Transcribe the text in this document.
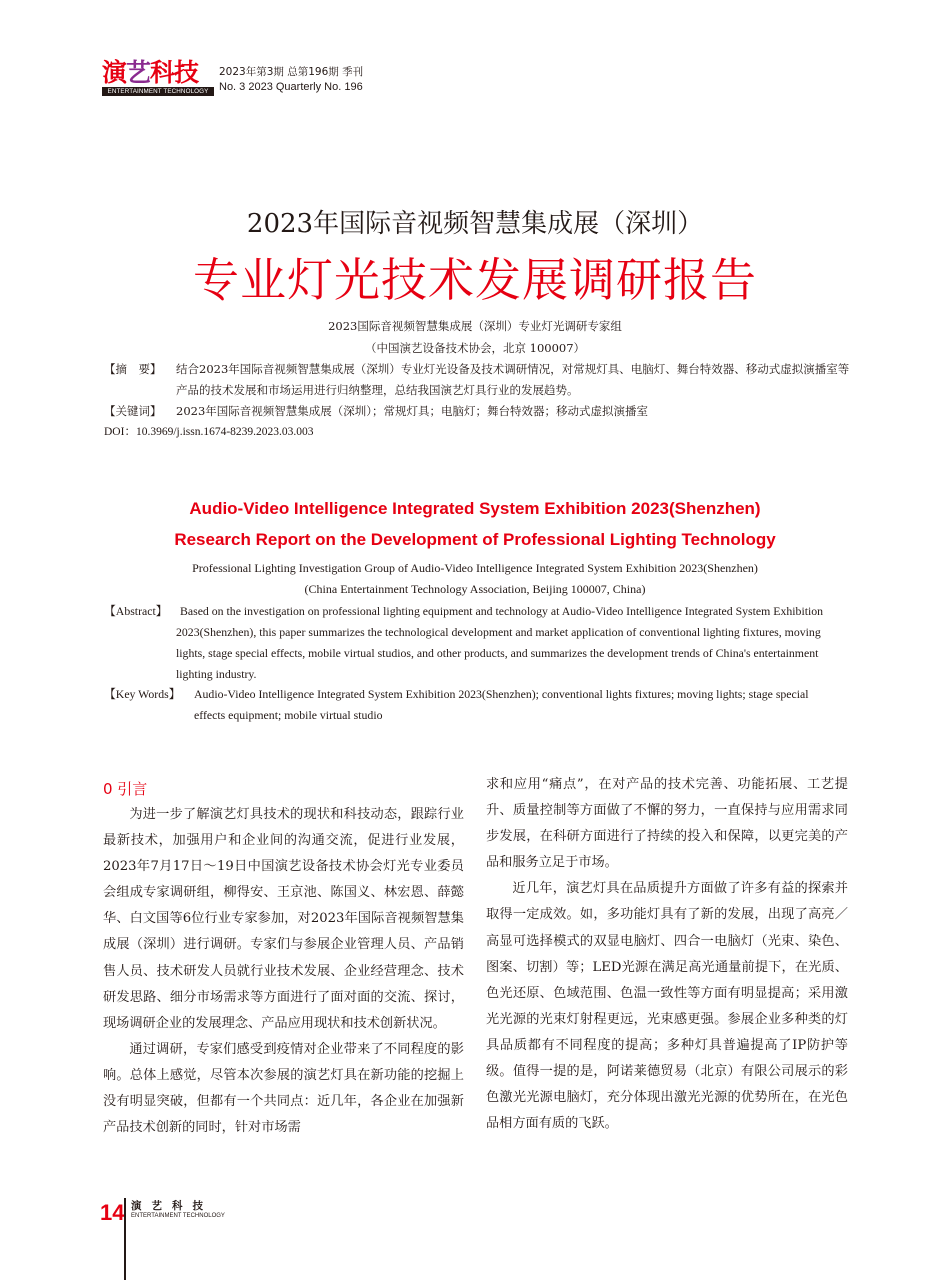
演艺科技
ENTERTAINMENT TECHNOLOGY
2023年第3期 总第196期 季刊
No. 3 2023 Quarterly No. 196
2023年国际音视频智慧集成展（深圳）
专业灯光技术发展调研报告
2023国际音视频智慧集成展（深圳）专业灯光调研专家组
（中国演艺设备技术协会，北京 100007）
【摘　要】 结合2023年国际音视频智慧集成展（深圳）专业灯光设备及技术调研情况，对常规灯具、电脑灯、舞台特效器、移动式虚拟演播室等产品的技术发展和市场运用进行归纳整理，总结我国演艺灯具行业的发展趋势。
【关键词】 2023年国际音视频智慧集成展（深圳）；常规灯具；电脑灯；舞台特效器；移动式虚拟演播室
DOI：10.3969/j.issn.1674-8239.2023.03.003
Audio-Video Intelligence Integrated System Exhibition 2023(Shenzhen)
Research Report on the Development of Professional Lighting Technology
Professional Lighting Investigation Group of Audio-Video Intelligence Integrated System Exhibition 2023(Shenzhen)
(China Entertainment Technology Association, Beijing 100007, China)
【Abstract】	Based on the investigation on professional lighting equipment and technology at Audio-Video Intelligence Integrated System Exhibition 2023(Shenzhen), this paper summarizes the technological development and market application of conventional lighting fixtures, moving lights, stage special effects, mobile virtual studios, and other products, and summarizes the development trends of China's entertainment lighting industry.
【Key Words】 Audio-Video Intelligence Integrated System Exhibition 2023(Shenzhen); conventional lights fixtures; moving lights; stage special effects equipment; mobile virtual studio
0 引言

为进一步了解演艺灯具技术的现状和科技动态，跟踪行业最新技术，加强用户和企业间的沟通交流，促进行业发展，2023年7月17日～19日中国演艺设备技术协会灯光专业委员会组成专家调研组，柳得安、王京池、陈国义、林宏恩、薛懿华、白文国等6位行业专家参加，对2023年国际音视频智慧集成展（深圳）进行调研。专家们与参展企业管理人员、产品销售人员、技术研发人员就行业技术发展、企业经营理念、技术研发思路、细分市场需求等方面进行了面对面的交流、探讨，现场调研企业的发展理念、产品应用现状和技术创新状况。

通过调研，专家们感受到疫情对企业带来了不同程度的影响。总体上感觉，尽管本次参展的演艺灯具在新功能的挖掘上没有明显突破，但都有一个共同点：近几年，各企业在加强新产品技术创新的同时，针对市场需

求和应用“痛点”，在对产品的技术完善、功能拓展、工艺提升、质量控制等方面做了不懈的努力，一直保持与应用需求同步发展，在科研方面进行了持续的投入和保障，以更完美的产品和服务立足于市场。

近几年，演艺灯具在品质提升方面做了许多有益的探索并取得一定成效。如，多功能灯具有了新的发展，出现了高亮／高显可选择模式的双显电脑灯、四合一电脑灯（光束、染色、图案、切割）等；LED光源在满足高光通量前提下，在光质、色光还原、色域范围、色温一致性等方面有明显提高；采用激光光源的光束灯射程更远，光束感更强。参展企业多种类的灯具品质都有不同程度的提高；多种灯具普遍提高了IP防护等级。值得一提的是，阿诺莱德贸易（北京）有限公司展示的彩色激光光源电脑灯，充分体现出激光光源的优势所在，在光色品相方面有质的飞跃。

14 演艺科技
ENTERTAINMENT TECHNOLOGY
